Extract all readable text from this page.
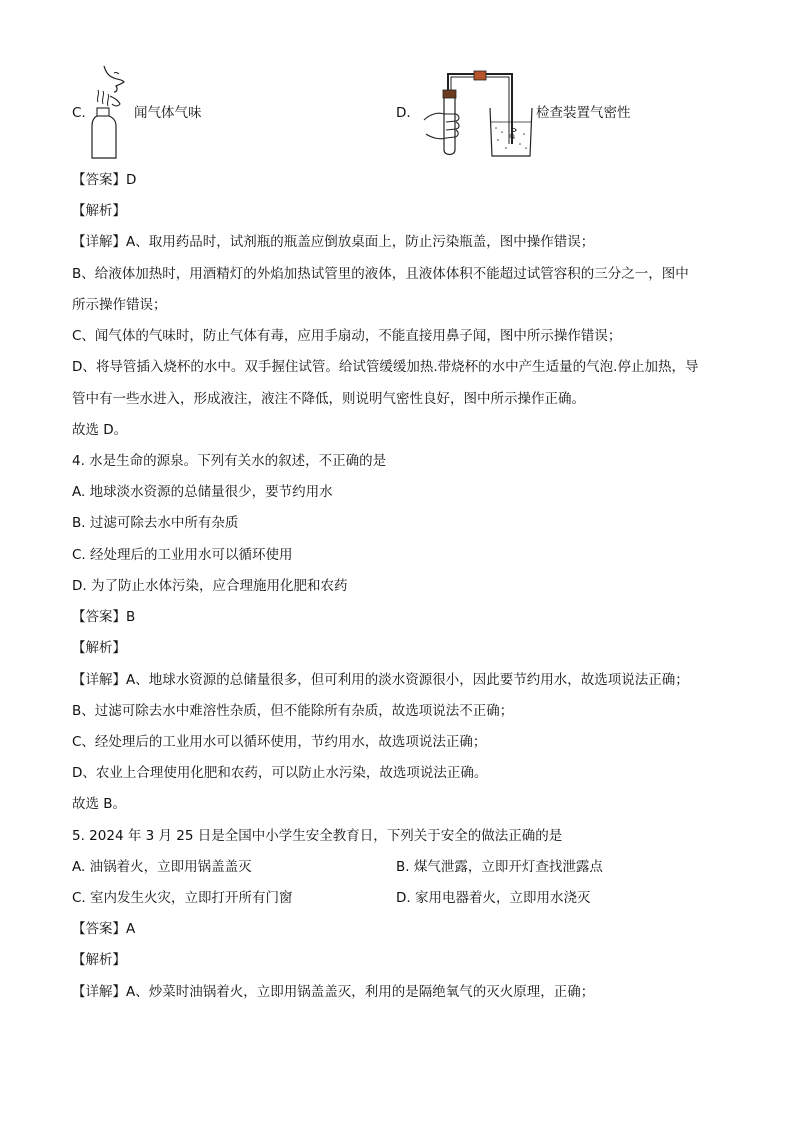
C.	闻气体气味	D.	检查装置气密性
【答案】D
【解析】
【详解】A、取用药品时，试剂瓶的瓶盖应倒放桌面上，防止污染瓶盖，图中操作错误；
B、给液体加热时，用酒精灯的外焰加热试管里的液体，且液体体积不能超过试管容积的三分之一，图中
所示操作错误；
C、闻气体的气味时，防止气体有毒，应用手扇动，不能直接用鼻子闻，图中所示操作错误；
D、将导管插入烧杯的水中。双手握住试管。给试管缓缓加热.带烧杯的水中产生适量的气泡.停止加热，导
管中有一些水进入，形成液注，液注不降低，则说明气密性良好，图中所示操作正确。
故选 D。
4. 水是生命的源泉。下列有关水的叙述，不正确的是
A. 地球淡水资源的总储量很少，要节约用水
B. 过滤可除去水中所有杂质
C. 经处理后的工业用水可以循环使用
D. 为了防止水体污染，应合理施用化肥和农药
【答案】B
【解析】
【详解】A、地球水资源的总储量很多，但可利用的淡水资源很小，因此要节约用水，故选项说法正确；
B、过滤可除去水中难溶性杂质，但不能除所有杂质，故选项说法不正确；
C、经处理后的工业用水可以循环使用，节约用水，故选项说法正确；
D、农业上合理使用化肥和农药，可以防止水污染，故选项说法正确。
故选 B。
5. 2024 年 3 月 25 日是全国中小学生安全教育日，下列关于安全的做法正确的是
A. 油锅着火，立即用锅盖盖灭	B. 煤气泄露，立即开灯查找泄露点
C. 室内发生火灾，立即打开所有门窗	D. 家用电器着火，立即用水浇灭
【答案】A
【解析】
【详解】A、炒菜时油锅着火，立即用锅盖盖灭，利用的是隔绝氧气的灭火原理，正确；
